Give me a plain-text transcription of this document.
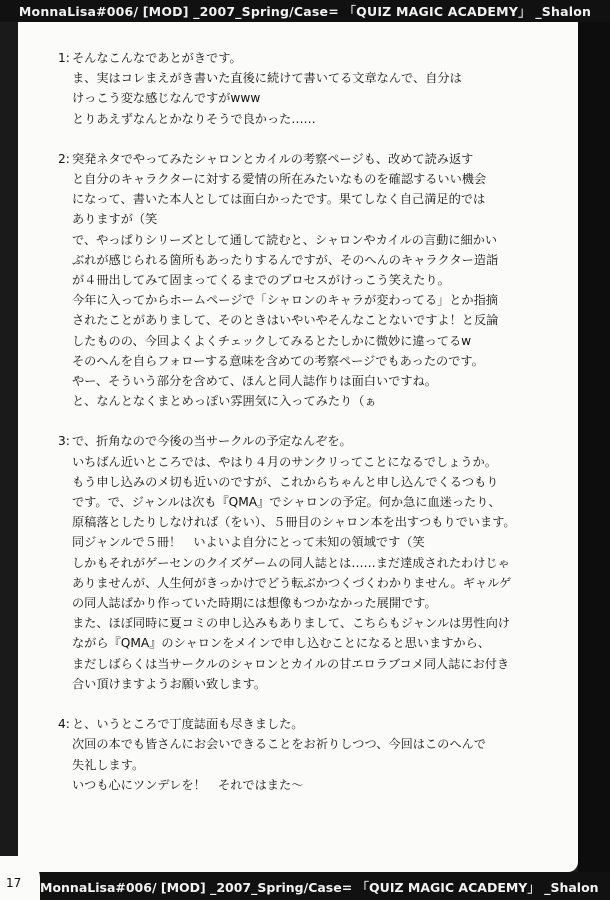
MonnaLisa#006/ [MOD] _2007_Spring/Case= 「QUIZ MAGIC ACADEMY」 _Shalon
MonnaLisa#006/ [MOD] _2007_Spring/Case= 「QUIZ MAGIC ACADEMY」 _Shalon
17
1: そんなこんなであとがきです。
ま、実はコレまえがき書いた直後に続けて書いてる文章なんで、自分は
けっこう変な感じなんですがwww
とりあえずなんとかなりそうで良かった……
2: 突発ネタでやってみたシャロンとカイルの考察ページも、改めて読み返す
と自分のキャラクターに対する愛情の所在みたいなものを確認するいい機会
になって、書いた本人としては面白かったです。果てしなく自己満足的では
ありますが（笑
で、やっぱりシリーズとして通して読むと、シャロンやカイルの言動に細かい
ぶれが感じられる箇所もあったりするんですが、そのへんのキャラクター造詣
が４冊出してみて固まってくるまでのプロセスがけっこう笑えたり。
今年に入ってからホームページで「シャロンのキャラが変わってる」とか指摘
されたことがありまして、そのときはいやいやそんなことないですよ！と反論
したものの、今回よくよくチェックしてみるとたしかに微妙に違ってるw
そのへんを自らフォローする意味を含めての考察ページでもあったのです。
やー、そういう部分を含めて、ほんと同人誌作りは面白いですね。
と、なんとなくまとめっぽい雰囲気に入ってみたり（ぁ
3: で、折角なので今後の当サークルの予定なんぞを。
いちばん近いところでは、やはり４月のサンクリってことになるでしょうか。
もう申し込みのメ切も近いのですが、これからちゃんと申し込んでくるつもり
です。で、ジャンルは次も『QMA』でシャロンの予定。何か急に血迷ったり、
原稿落としたりしなければ（をい）、５冊目のシャロン本を出すつもりでいます。
同ジャンルで５冊！　いよいよ自分にとって未知の領域です（笑
しかもそれがゲーセンのクイズゲームの同人誌とは……まだ達成されたわけじゃ
ありませんが、人生何がきっかけでどう転ぶかつくづくわかりません。ギャルゲ
の同人誌ばかり作っていた時期には想像もつかなかった展開です。
また、ほぼ同時に夏コミの申し込みもありまして、こちらもジャンルは男性向け
ながら『QMA』のシャロンをメインで申し込むことになると思いますから、
まだしばらくは当サークルのシャロンとカイルの甘エロラブコメ同人誌にお付き
合い頂けますようお願い致します。
4: と、いうところで丁度誌面も尽きました。
次回の本でも皆さんにお会いできることをお祈りしつつ、今回はこのへんで
失礼します。
いつも心にツンデレを！　それではまた～
